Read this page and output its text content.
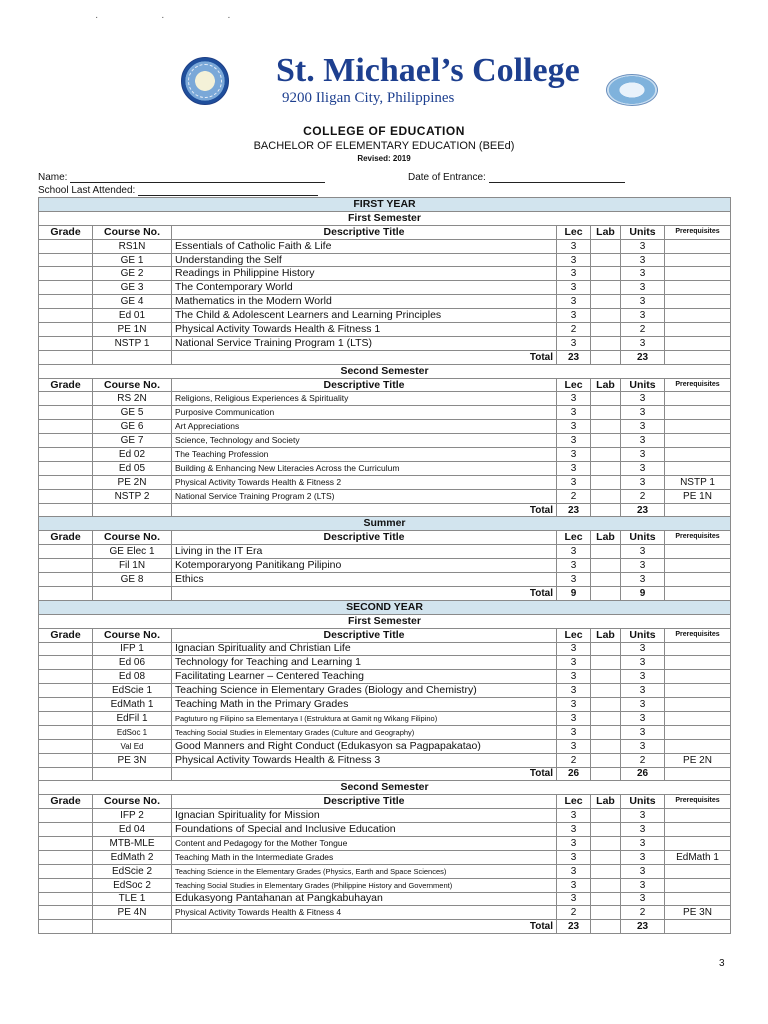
· · ·
St. Michael’s College
9200 Iligan City, Philippines
COLLEGE OF EDUCATION
BACHELOR OF ELEMENTARY EDUCATION (BEEd)
Revised: 2019
Name:	Date of Entrance:
School Last Attended:
FIRST YEAR						
First Semester						
Grade	Course No.	Descriptive Title	Lec	Lab	Units	Prerequisites
	RS1N	Essentials of Catholic Faith & Life	3		3	
	GE 1	Understanding the Self	3		3	
	GE 2	Readings in Philippine History	3		3	
	GE 3	The Contemporary World	3		3	
	GE 4	Mathematics in the Modern World	3		3	
	Ed 01	The Child & Adolescent Learners and Learning Principles	3		3	
	PE 1N	Physical Activity Towards Health & Fitness 1	2		2	
	NSTP 1	National Service Training Program 1 (LTS)	3		3	
		Total	23		23	
Second Semester						
Grade	Course No.	Descriptive Title	Lec	Lab	Units	Prerequisites
	RS 2N	Religions, Religious Experiences & Spirituality	3		3	
	GE 5	Purposive Communication	3		3	
	GE 6	Art Appreciations	3		3	
	GE 7	Science, Technology and Society	3		3	
	Ed 02	The Teaching Profession	3		3	
	Ed 05	Building & Enhancing New Literacies Across the Curriculum	3		3	
	PE 2N	Physical Activity Towards Health & Fitness 2	3		3	NSTP 1
	NSTP 2	National Service Training Program 2 (LTS)	2		2	PE 1N
		Total	23		23	
Summer						
Grade	Course No.	Descriptive Title	Lec	Lab	Units	Prerequisites
	GE Elec 1	Living in the IT Era	3		3	
	Fil 1N	Kotemporaryong Panitikang Pilipino	3		3	
	GE 8	Ethics	3		3	
		Total	9		9	
SECOND YEAR						
First Semester						
Grade	Course No.	Descriptive Title	Lec	Lab	Units	Prerequisites
	IFP 1	Ignacian Spirituality and Christian Life	3		3	
	Ed 06	Technology for Teaching and Learning 1	3		3	
	Ed 08	Facilitating Learner – Centered Teaching	3		3	
	EdScie 1	Teaching Science in Elementary Grades (Biology and Chemistry)	3		3	
	EdMath 1	Teaching Math in the Primary Grades	3		3	
	EdFil 1	Pagtuturo ng Filipino sa Elementarya I (Estruktura at Gamit ng Wikang Filipino)	3		3	
	EdSoc 1	Teaching Social Studies in Elementary Grades (Culture and Geography)	3		3	
	Val Ed	Good Manners and Right Conduct (Edukasyon sa Pagpapakatao)	3		3	
	PE 3N	Physical Activity Towards Health & Fitness 3	2		2	PE 2N
		Total	26		26	
Second Semester						
Grade	Course No.	Descriptive Title	Lec	Lab	Units	Prerequisites
	IFP 2	Ignacian Spirituality for Mission	3		3	
	Ed 04	Foundations of Special and Inclusive Education	3		3	
	MTB-MLE	Content and Pedagogy for the Mother Tongue	3		3	
	EdMath 2	Teaching Math in the Intermediate Grades	3		3	EdMath 1
	EdScie 2	Teaching Science in the Elementary Grades (Physics, Earth and Space Sciences)	3		3	
	EdSoc 2	Teaching Social Studies in Elementary Grades (Philippine History and Government)	3		3	
	TLE 1	Edukasyong Pantahanan at Pangkabuhayan	3		3	
	PE 4N	Physical Activity Towards Health & Fitness 4	2		2	PE 3N
		Total	23		23	
3
